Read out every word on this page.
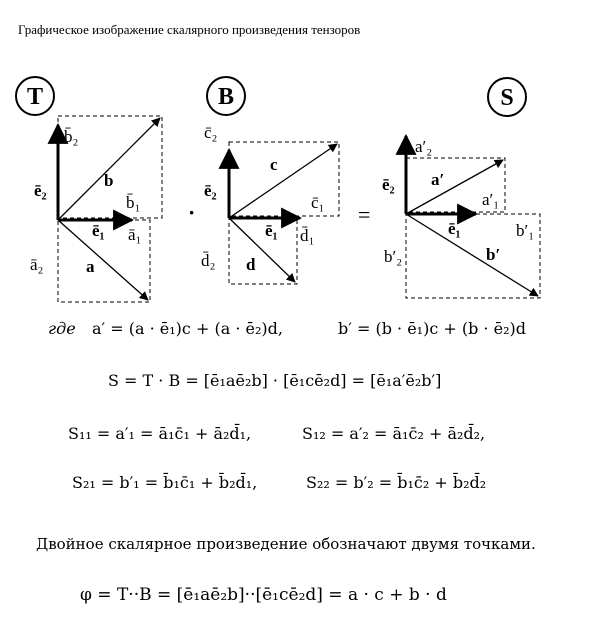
Графическое изображение скалярного произведения тензоров
T	B	S
b̄₂
b
b̄₁
ē₂
ē₁ ā₁
ā₂	a
·
c̄₂
c
c̄₁
ē₂
ē₁ d̄₁
d̄₂ d
=
a′₂
a′
a′₁
ē₂
ē₁	b′₁
b′₂	b′
где a′ = (a · ē₁)c + (a · ē₂)d,	b′ = (b · ē₁)c + (b · ē₂)d
S = T · B = [ē₁aē₂b] · [ē₁cē₂d] = [ē₁a′ē₂b′]
S₁₁ = a′₁ = ā₁c̄₁ + ā₂d̄₁,	S₁₂ = a′₂ = ā₁c̄₂ + ā₂d̄₂,
S₂₁ = b′₁ = b̄₁c̄₁ + b̄₂d̄₁,	S₂₂ = b′₂ = b̄₁c̄₂ + b̄₂d̄₂
Двойное скалярное произведение обозначают двумя точками.
φ = T··B = [ē₁aē₂b]··[ē₁cē₂d] = a · c + b · d
